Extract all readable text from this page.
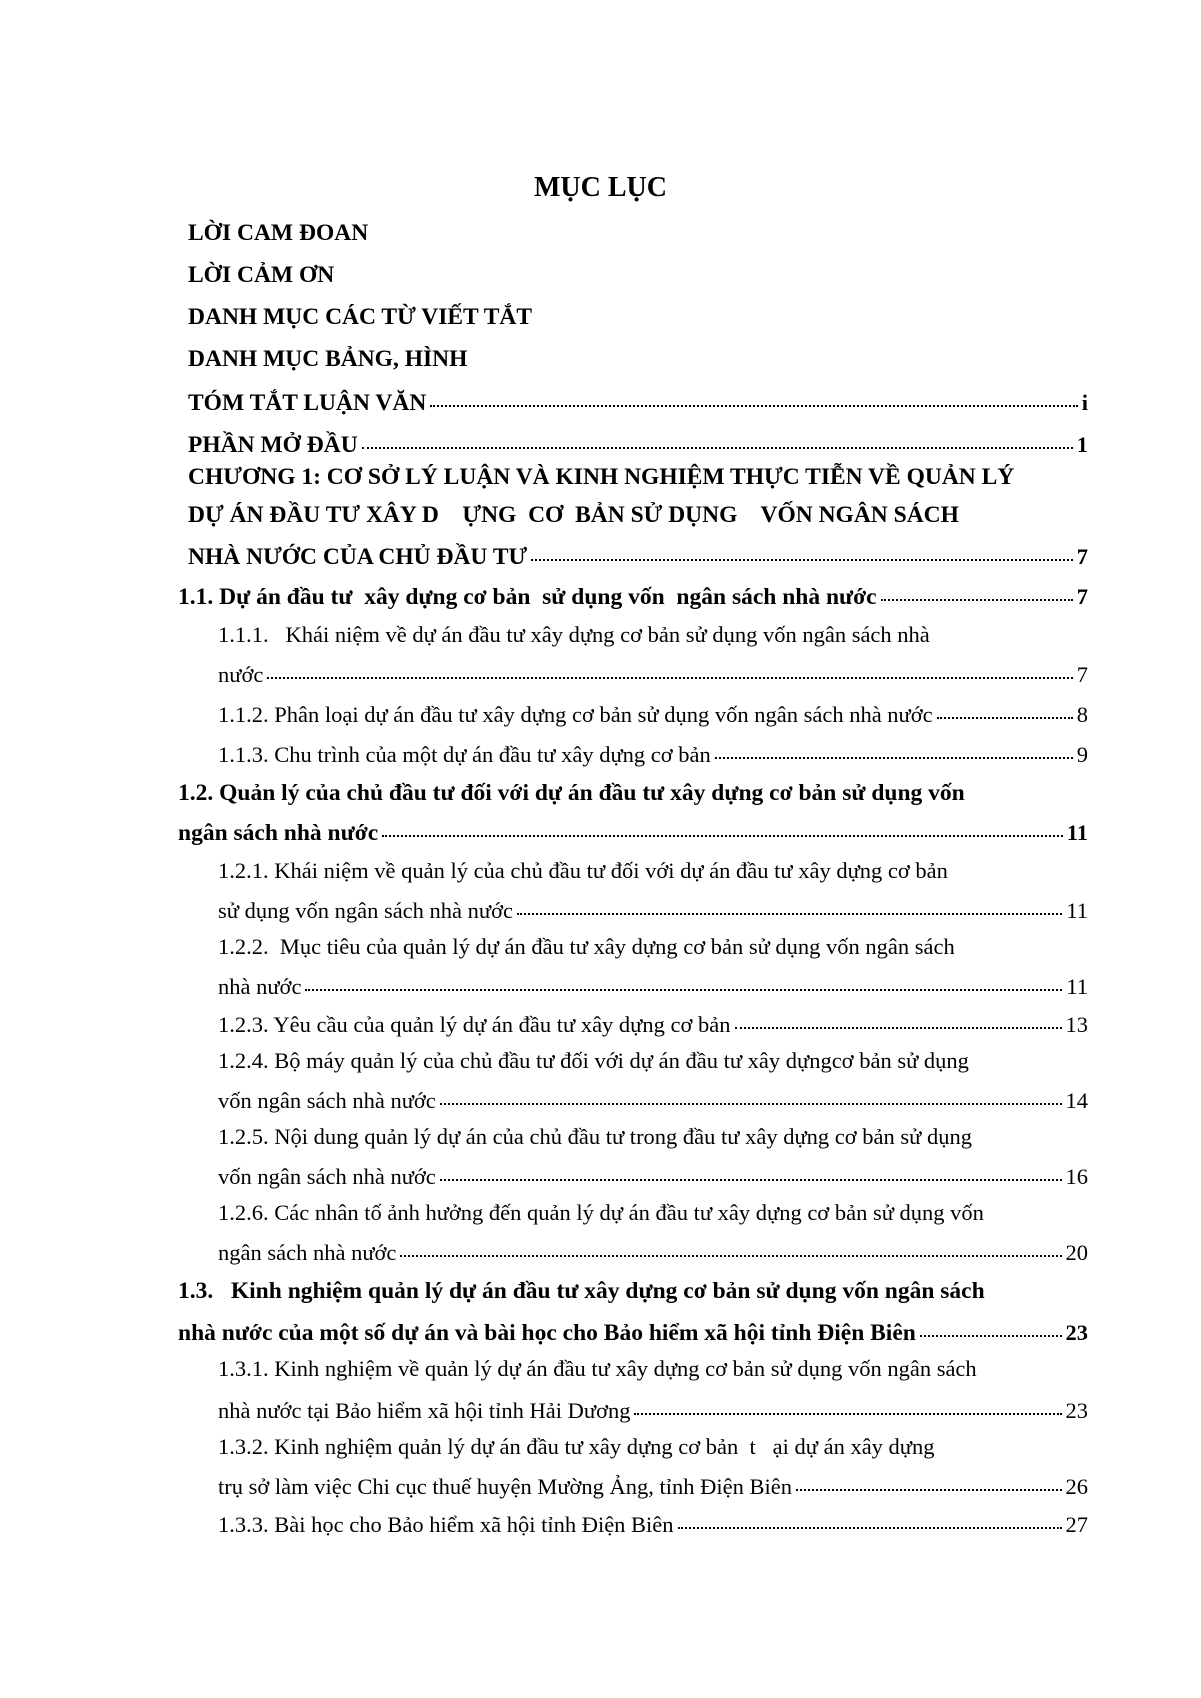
MỤC LỤC
LỜI CAM ĐOAN
LỜI CẢM ƠN
DANH MỤC CÁC TỪ VIẾT TẮT
DANH MỤC BẢNG, HÌNH
TÓM TẮT LUẬN VĂN	i
PHẦN MỞ ĐẦU	1
CHƯƠNG 1: CƠ SỞ LÝ LUẬN VÀ KINH NGHIỆM THỰC TIỄN VỀ QUẢN LÝ
DỰ ÁN ĐẦU TƯ XÂY D    ỰNG  CƠ  BẢN SỬ DỤNG    VỐN NGÂN SÁCH
NHÀ NƯỚC CỦA CHỦ ĐẦU TƯ	7
1.1. Dự án đầu tư  xây dựng cơ bản  sử dụng vốn  ngân sách nhà nước	7
1.1.1.   Khái niệm về dự án đầu tư xây dựng cơ bản sử dụng vốn ngân sách nhà
nước	7
1.1.2. Phân loại dự án đầu tư xây dựng cơ bản sử dụng vốn ngân sách nhà nước	8
1.1.3. Chu trình của một dự án đầu tư xây dựng cơ bản	9
1.2. Quản lý của chủ đầu tư đối với dự án đầu tư xây dựng cơ bản sử dụng vốn
ngân sách nhà nước	11
1.2.1. Khái niệm về quản lý của chủ đầu tư đối với dự án đầu tư xây dựng cơ bản
sử dụng vốn ngân sách nhà nước	11
1.2.2.  Mục tiêu của quản lý dự án đầu tư xây dựng cơ bản sử dụng vốn ngân sách
nhà nước	11
1.2.3. Yêu cầu của quản lý dự án đầu tư xây dựng cơ bản	13
1.2.4. Bộ máy quản lý của chủ đầu tư đối với dự án đầu tư xây dựngcơ bản sử dụng
vốn ngân sách nhà nước	14
1.2.5. Nội dung quản lý dự án của chủ đầu tư trong đầu tư xây dựng cơ bản sử dụng
vốn ngân sách nhà nước	16
1.2.6. Các nhân tố ảnh hưởng đến quản lý dự án đầu tư xây dựng cơ bản sử dụng vốn
ngân sách nhà nước	20
1.3.   Kinh nghiệm quản lý dự án đầu tư xây dựng cơ bản sử dụng vốn ngân sách
nhà nước của một số dự án và bài học cho Bảo hiểm xã hội tỉnh Điện Biên	23
1.3.1. Kinh nghiệm về quản lý dự án đầu tư xây dựng cơ bản sử dụng vốn ngân sách
nhà nước tại Bảo hiểm xã hội tỉnh Hải Dương	23
1.3.2. Kinh nghiệm quản lý dự án đầu tư xây dựng cơ bản  t   ại dự án xây dựng
trụ sở làm việc Chi cục thuế huyện Mường Ảng, tỉnh Điện Biên	26
1.3.3. Bài học cho Bảo hiểm xã hội tỉnh Điện Biên	27
